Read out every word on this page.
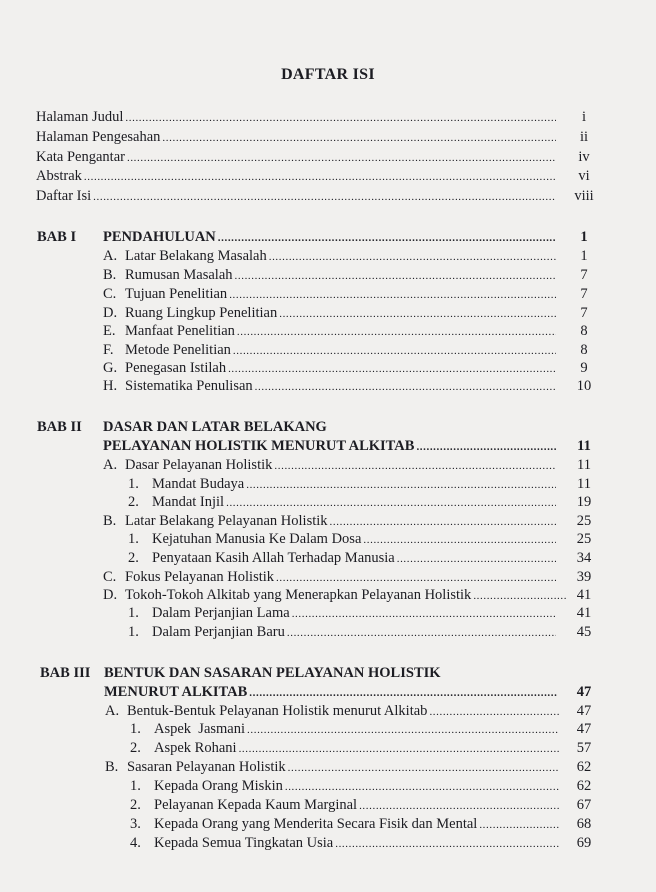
DAFTAR ISI
Halaman Judul .....	i
Halaman Pengesahan .....	ii
Kata Pengantar .....	iv
Abstrak .....	vi
Daftar Isi .....	viii
BAB I PENDAHULUAN .....	1
A. Latar Belakang Masalah .....	1
B. Rumusan Masalah .....	7
C. Tujuan Penelitian .....	7
D. Ruang Lingkup Penelitian .....	7
E. Manfaat Penelitian .....	8
F. Metode Penelitian .....	8
G. Penegasan Istilah .....	9
H. Sistematika Penulisan .....	10
BAB II DASAR DAN LATAR BELAKANG
PELAYANAN HOLISTIK MENURUT ALKITAB .....	11
A. Dasar Pelayanan Holistik .....	11
1. Mandat Budaya .....	11
2. Mandat Injil .....	19
B. Latar Belakang Pelayanan Holistik .....	25
1. Kejatuhan Manusia Ke Dalam Dosa .....	25
2. Penyataan Kasih Allah Terhadap Manusia .....	34
C. Fokus Pelayanan Holistik .....	39
D. Tokoh-Tokoh Alkitab yang Menerapkan Pelayanan Holistik .....	41
1. Dalam Perjanjian Lama .....	41
1. Dalam Perjanjian Baru .....	45
BAB III BENTUK DAN SASARAN PELAYANAN HOLISTIK
MENURUT ALKITAB .....	47
A. Bentuk-Bentuk Pelayanan Holistik menurut Alkitab .....	47
1. Aspek  Jasmani .....	47
2. Aspek Rohani .....	57
B. Sasaran Pelayanan Holistik .....	62
1. Kepada Orang Miskin .....	62
2. Pelayanan Kepada Kaum Marginal .....	67
3. Kepada Orang yang Menderita Secara Fisik dan Mental .....	68
4. Kepada Semua Tingkatan Usia .....	69
